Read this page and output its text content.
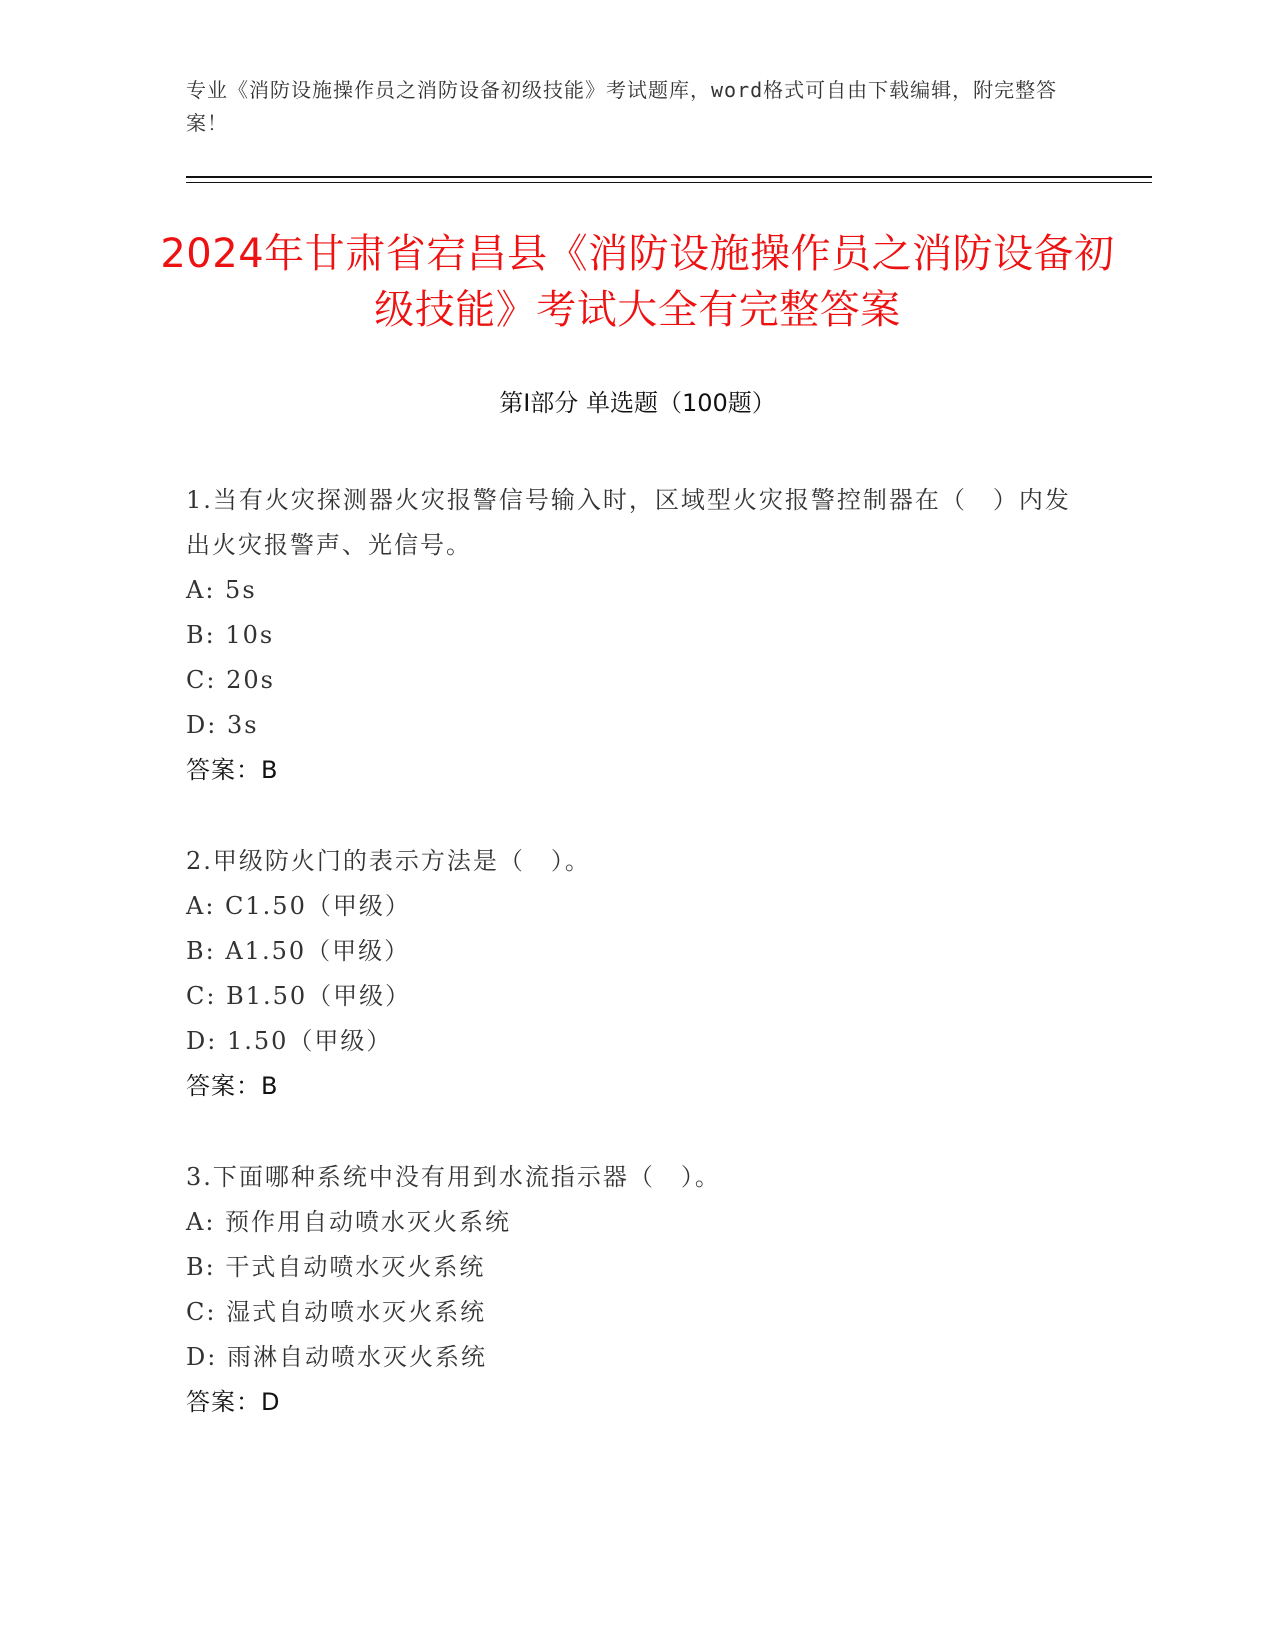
专业《消防设施操作员之消防设备初级技能》考试题库，word格式可自由下载编辑，附完整答案！
2024年甘肃省宕昌县《消防设施操作员之消防设备初级技能》考试大全有完整答案
第Ⅰ部分 单选题（100题）

1.当有火灾探测器火灾报警信号输入时，区域型火灾报警控制器在（　）内发出火灾报警声、光信号。

A: 5s

B: 10s

C: 20s

D: 3s

答案：B

2.甲级防火门的表示方法是（　）。

A: C1.50（甲级）

B: A1.50（甲级）

C: B1.50（甲级）

D: 1.50（甲级）

答案：B

3.下面哪种系统中没有用到水流指示器（　）。

A: 预作用自动喷水灭火系统

B: 干式自动喷水灭火系统

C: 湿式自动喷水灭火系统

D: 雨淋自动喷水灭火系统

答案：D
